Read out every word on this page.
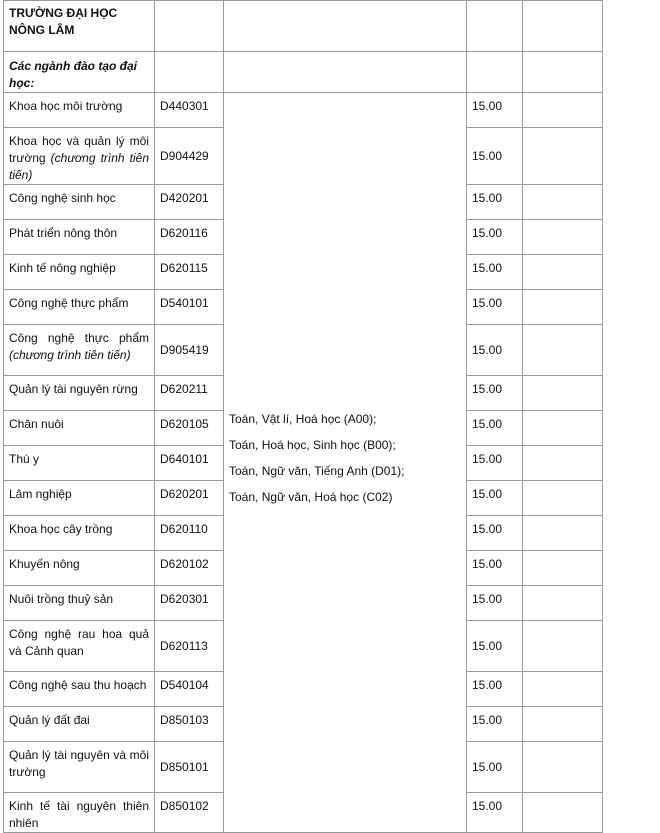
TRƯỜNG ĐẠI HỌC NÔNG LÂM				
Các ngành đào tạo đại học:				
Khoa học môi trường	D440301	Toán, Vật lí, Hoá học (A00);
Toán, Hoá học, Sinh học (B00);
Toán, Ngữ văn, Tiếng Anh (D01);
Toán, Ngữ văn, Hoá học (C02)	15.00	
Khoa học và quản lý môi trường (chương trình tiên tiến)	D904429		15.00	
Công nghệ sinh học	D420201		15.00	
Phát triển nông thôn	D620116		15.00	
Kinh tế nông nghiệp	D620115		15.00	
Công nghệ thực phẩm	D540101		15.00	
Công nghệ thực phẩm (chương trình tiên tiến)	D905419		15.00	
Quản lý tài nguyên rừng	D620211		15.00	
Chăn nuôi	D620105		15.00	
Thú y	D640101		15.00	
Lâm nghiệp	D620201		15.00	
Khoa học cây trồng	D620110		15.00	
Khuyến nông	D620102		15.00	
Nuôi trồng thuỷ sản	D620301		15.00	
Công nghệ rau hoa quả và Cảnh quan	D620113		15.00	
Công nghệ sau thu hoạch	D540104		15.00	
Quản lý đất đai	D850103		15.00	
Quản lý tài nguyên và môi trường	D850101		15.00	
Kinh tế tài nguyên thiên nhiên	D850102		15.00	
